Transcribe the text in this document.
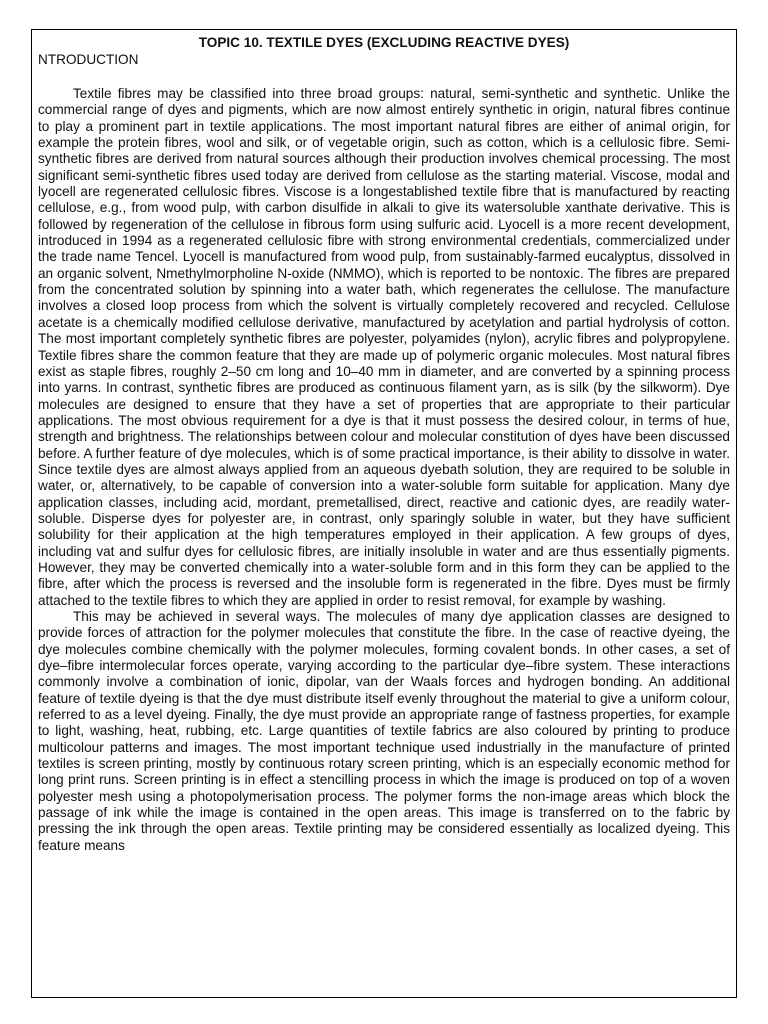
TOPIC 10. TEXTILE DYES (EXCLUDING REACTIVE DYES)
NTRODUCTION

Textile fibres may be classified into three broad groups: natural, semi-synthetic and synthetic. Unlike the commercial range of dyes and pigments, which are now almost entirely synthetic in origin, natural fibres continue to play a prominent part in textile applications. The most important natural fibres are either of animal origin, for example the protein fibres, wool and silk, or of vegetable origin, such as cotton, which is a cellulosic fibre. Semi-synthetic fibres are derived from natural sources although their production involves chemical processing. The most significant semi-synthetic fibres used today are derived from cellulose as the starting material. Viscose, modal and lyocell are regenerated cellulosic fibres. Viscose is a longestablished textile fibre that is manufactured by reacting cellulose, e.g., from wood pulp, with carbon disulfide in alkali to give its watersoluble xanthate derivative. This is followed by regeneration of the cellulose in fibrous form using sulfuric acid. Lyocell is a more recent development, introduced in 1994 as a regenerated cellulosic fibre with strong environmental credentials, commercialized under the trade name Tencel. Lyocell is manufactured from wood pulp, from sustainably-farmed eucalyptus, dissolved in an organic solvent, Nmethylmorpholine N-oxide (NMMO), which is reported to be nontoxic. The fibres are prepared from the concentrated solution by spinning into a water bath, which regenerates the cellulose. The manufacture involves a closed loop process from which the solvent is virtually completely recovered and recycled. Cellulose acetate is a chemically modified cellulose derivative, manufactured by acetylation and partial hydrolysis of cotton. The most important completely synthetic fibres are polyester, polyamides (nylon), acrylic fibres and polypropylene. Textile fibres share the common feature that they are made up of polymeric organic molecules. Most natural fibres exist as staple fibres, roughly 2–50 cm long and 10–40 mm in diameter, and are converted by a spinning process into yarns. In contrast, synthetic fibres are produced as continuous filament yarn, as is silk (by the silkworm). Dye molecules are designed to ensure that they have a set of properties that are appropriate to their particular applications. The most obvious requirement for a dye is that it must possess the desired colour, in terms of hue, strength and brightness. The relationships between colour and molecular constitution of dyes have been discussed before. A further feature of dye molecules, which is of some practical importance, is their ability to dissolve in water. Since textile dyes are almost always applied from an aqueous dyebath solution, they are required to be soluble in water, or, alternatively, to be capable of conversion into a water-soluble form suitable for application. Many dye application classes, including acid, mordant, premetallised, direct, reactive and cationic dyes, are readily water-soluble. Disperse dyes for polyester are, in contrast, only sparingly soluble in water, but they have sufficient solubility for their application at the high temperatures employed in their application. A few groups of dyes, including vat and sulfur dyes for cellulosic fibres, are initially insoluble in water and are thus essentially pigments. However, they may be converted chemically into a water-soluble form and in this form they can be applied to the fibre, after which the process is reversed and the insoluble form is regenerated in the fibre. Dyes must be firmly attached to the textile fibres to which they are applied in order to resist removal, for example by washing.

This may be achieved in several ways. The molecules of many dye application classes are designed to provide forces of attraction for the polymer molecules that constitute the fibre. In the case of reactive dyeing, the dye molecules combine chemically with the polymer molecules, forming covalent bonds. In other cases, a set of dye–fibre intermolecular forces operate, varying according to the particular dye–fibre system. These interactions commonly involve a combination of ionic, dipolar, van der Waals forces and hydrogen bonding. An additional feature of textile dyeing is that the dye must distribute itself evenly throughout the material to give a uniform colour, referred to as a level dyeing. Finally, the dye must provide an appropriate range of fastness properties, for example to light, washing, heat, rubbing, etc. Large quantities of textile fabrics are also coloured by printing to produce multicolour patterns and images. The most important technique used industrially in the manufacture of printed textiles is screen printing, mostly by continuous rotary screen printing, which is an especially economic method for long print runs. Screen printing is in effect a stencilling process in which the image is produced on top of a woven polyester mesh using a photopolymerisation process. The polymer forms the non-image areas which block the passage of ink while the image is contained in the open areas. This image is transferred on to the fabric by pressing the ink through the open areas. Textile printing may be considered essentially as localized dyeing. This feature means
